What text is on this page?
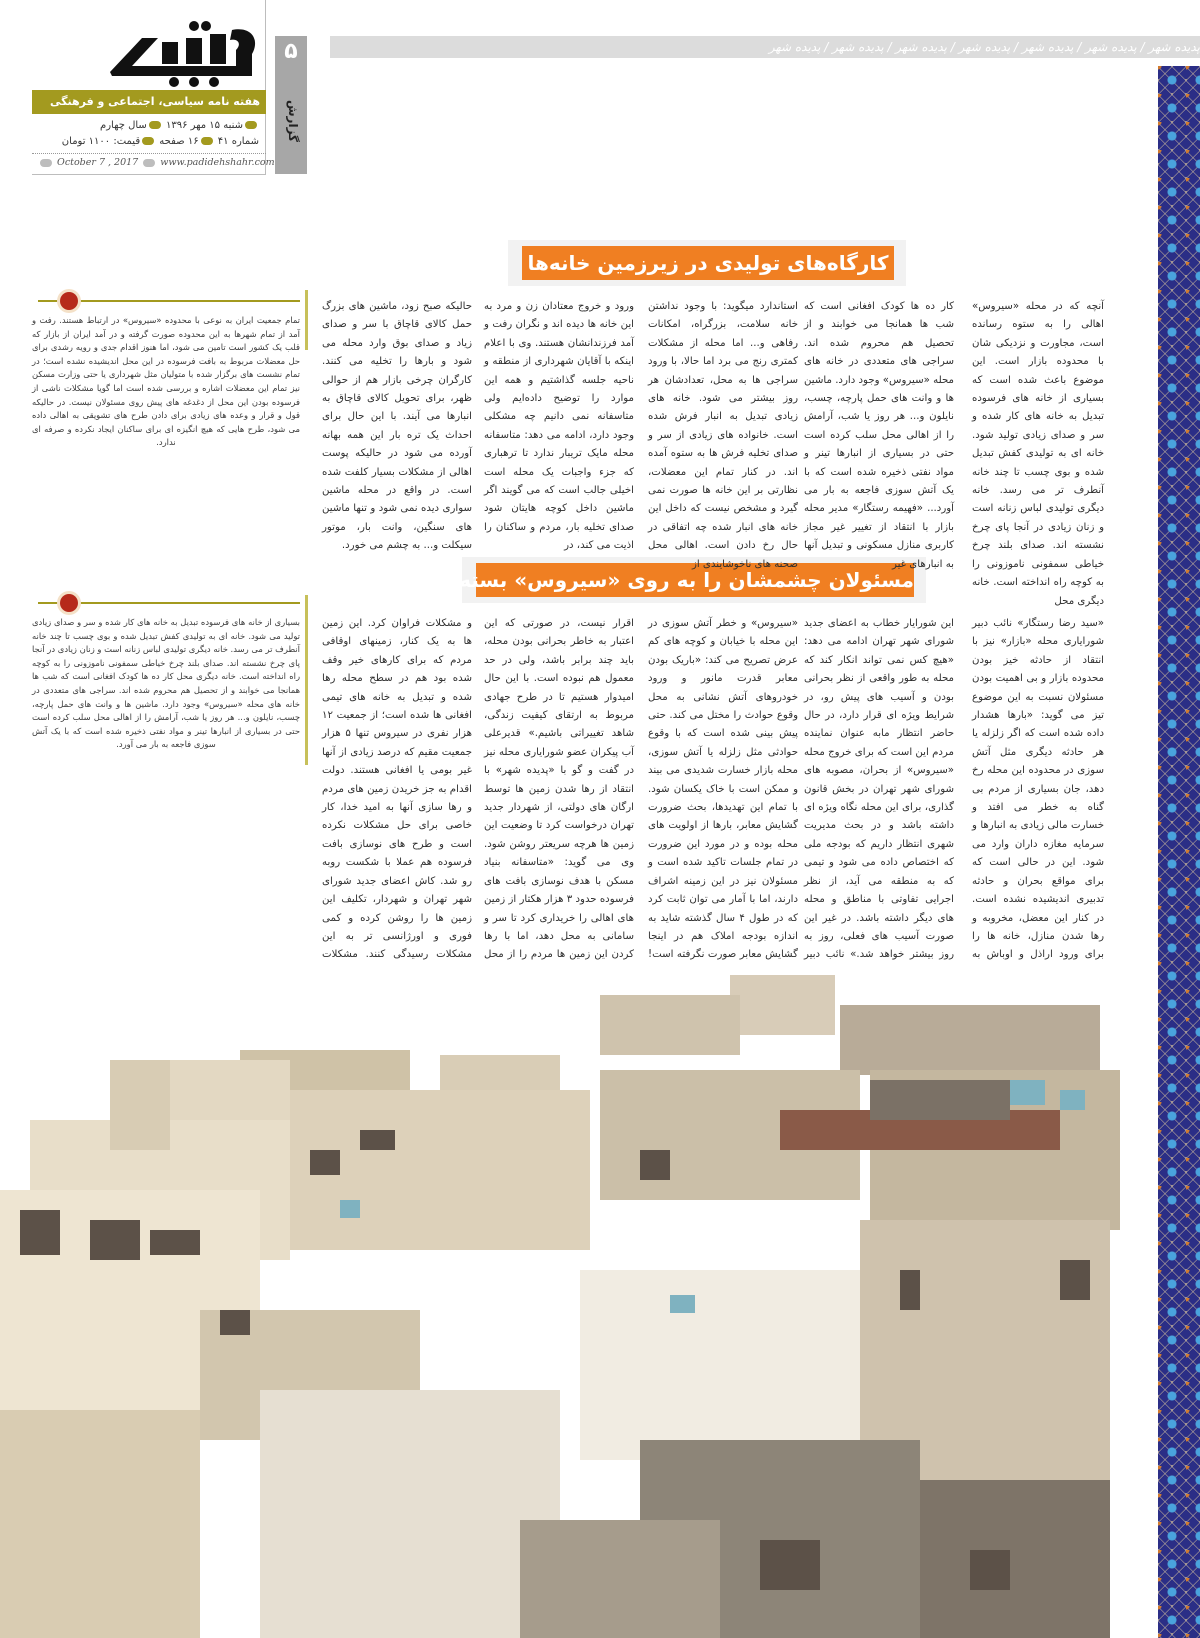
هفته نامه سیاسی، اجتماعی و فرهنگی
شنبه ۱۵ مهر ۱۳۹۶ سال چهارم
شماره ۴۱ ۱۶ صفحه قیمت: ۱۱۰۰ تومان
October 7 , 2017 www.padidehshahr.com
۵
گزارش
پدیده شهر / پدیده شهر / پدیده شهر / پدیده شهر / پدیده شهر / پدیده شهر / پدیده شهر
کارگاه‌های تولیدی در زیرزمین خانه‌ها
مسئولان چشمشان را به روی «سیروس» بسته‌اند!

آنچه که در محله «سیروس» اهالی را به ستوه رسانده است، مجاورت و نزدیکی شان با محدوده بازار است. این موضوع باعث شده است که بسیاری از خانه های فرسوده تبدیل به خانه های کار شده و سر و صدای زیادی تولید شود. خانه ای به تولیدی کفش تبدیل شده و بوی چسب تا چند خانه آنطرف تر می رسد. خانه دیگری تولیدی لباس زنانه است و زنان زیادی در آنجا پای چرخ نشسته اند. صدای بلند چرخ خیاطی سمفونی ناموزونی را به کوچه راه انداخته است. خانه دیگری محل

کار ده ها کودک افغانی است که شب ها همانجا می خوابند و از تحصیل هم محروم شده اند. سراجی های متعددی در خانه های محله «سیروس» وجود دارد. ماشین ها و وانت های حمل پارچه، چسب، نایلون و... هر روز یا شب، آرامش را از اهالی محل سلب کرده است حتی در بسیاری از انبارها تینر و مواد نفتی ذخیره شده است که با یک آتش سوزی فاجعه به بار می آورد... «فهیمه رستگار» مدیر محله بازار با انتقاد از تغییر غیر مجاز کاربری منازل مسکونی و تبدیل آنها به انبارهای غیر

استاندارد میگوید: با وجود نداشتن خانه سلامت، بزرگراه، امکانات رفاهی و... اما محله از مشکلات کمتری رنج می برد اما حالا، با ورود سراجی ها به محل، تعدادشان هر روز بیشتر می شود. خانه های زیادی تبدیل به انبار فرش شده است. خانواده های زیادی از سر و صدای تخلیه فرش ها به ستوه آمده اند. در کنار تمام این معضلات، نظارتی بر این خانه ها صورت نمی گیرد و مشخص نیست که داخل این خانه های انبار شده چه اتفاقی در حال رخ دادن است. اهالی محل صحنه های ناخوشایندی از

ورود و خروج معتادان زن و مرد به این خانه ها دیده اند و نگران رفت و آمد فرزندانشان هستند. وی با اعلام اینکه با آقایان شهرداری از منطقه و ناحیه جلسه گذاشتیم و همه این موارد را توضیح داده‌ایم ولی متاسفانه نمی دانیم چه مشکلی وجود دارد، ادامه می دهد: متاسفانه محله مایک تریبار ندارد تا ترهباری که جزء واجبات یک محله است اخیلی جالب است که می گویند اگر ماشین داخل کوچه هایتان شود صدای تخلیه بار، مردم و ساکنان را اذیت می کند، در

حالیکه صبح زود، ماشین های بزرگ حمل کالای قاچاق با سر و صدای زیاد و صدای بوق وارد محله می شود و بارها را تخلیه می کنند. کارگران چرخی بازار هم از حوالی ظهر، برای تحویل کالای قاچاق به انبارها می آیند. با این حال برای احداث یک تره بار این همه بهانه آورده می شود در حالیکه پوست اهالی از مشکلات بسیار کلفت شده است. در واقع در محله ماشین سواری دیده نمی شود و تنها ماشین های سنگین، وانت بار، موتور سیکلت و... به چشم می خورد.

«سید رضا رستگار» نائب دبیر شورایاری محله «بازار» نیز با انتقاد از حادثه خیز بودن محدوده بازار و بی اهمیت بودن مسئولان نسبت به این موضوع تیز می گوید: «بارها هشدار داده شده است که اگر زلزله یا هر حادثه دیگری مثل آتش سوزی در محدوده این محله رخ دهد، جان بسیاری از مردم بی گناه به خطر می افتد و خسارت مالی زیادی به انبارها و سرمایه مغازه داران وارد می شود. این در حالی است که برای مواقع بحران و حادثه تدبیری اندیشیده نشده است. در کنار این معضل، مخروبه و رها شدن منازل، خانه ها را برای ورود اراذل و اوباش به

این شورایار خطاب به اعضای جدید شورای شهر تهران ادامه می دهد: «هیچ کس نمی تواند انکار کند که محله به طور واقعی از نظر بحرانی بودن و آسیب های پیش رو، در شرایط ویژه ای قرار دارد، در حال حاضر انتظار مابه عنوان نماینده مردم این است که برای خروج محله «سیروس» از بحران، مصوبه های شورای شهر تهران در بخش قانون گذاری، برای این محله نگاه ویژه ای داشته باشد و در بحث مدیریت شهری انتظار داریم که بودجه ملی که اختصاص داده می شود و تیمی که به منطقه می آید، از نظر اجرایی تفاوتی با مناطق و محله های دیگر داشته باشد. در غیر این صورت آسیب های فعلی، روز به روز بیشتر خواهد شد.» نائب دبیر

«سیروس» و خطر آتش سوزی در این محله با خیابان و کوچه های کم عرض تصریح می کند: «باریک بودن معابر قدرت مانور و ورود خودروهای آتش نشانی به محل وقوع حوادث را مختل می کند. حتی پیش بینی شده است که با وقوع حوادثی مثل زلزله یا آتش سوزی، محله بازار خسارت شدیدی می بیند و ممکن است با خاک یکسان شود. با تمام این تهدیدها، بحث ضرورت گشایش معابر، بارها از اولویت های محله بوده و در مورد این ضرورت در تمام جلسات تاکید شده است و مسئولان نیز در این زمینه اشراف دارند، اما با آمار می توان ثابت کرد که در طول ۴ سال گذشته شاید به اندازه بودجه املاک هم در اینجا گشایش معابر صورت نگرفته است!

اقرار نیست، در صورتی که این اعتبار به خاطر بحرانی بودن محله، باید چند برابر باشد، ولی در حد معمول هم نبوده است. با این حال امیدوار هستیم تا در طرح جهادی مربوط به ارتقای کیفیت زندگی، شاهد تغییراتی باشیم.» قدیرعلی آب پیکران عضو شورایاری محله نیز در گفت و گو با «پدیده شهر» با انتقاد از رها شدن زمین ها توسط ارگان های دولتی، از شهردار جدید تهران درخواست کرد تا وضعیت این زمین ها هرچه سریعتر روشن شود. وی می گوید: «متاسفانه بنیاد مسکن با هدف نوسازی بافت های فرسوده حدود ۳ هزار هکتار از زمین های اهالی را خریداری کرد تا سر و سامانی به محل دهد، اما با رها کردن این زمین ها مردم را از محل

و مشکلات فراوان کرد. این زمین ها به یک کنار، زمینهای اوقافی مردم که برای کارهای خیر وقف شده بود هم در سطح محله رها شده و تبدیل به خانه های تیمی افغانی ها شده است؛ از جمعیت ۱۲ هزار نفری در سیروس تنها ۵ هزار جمعیت مقیم که درصد زیادی از آنها غیر بومی یا افغانی هستند. دولت اقدام به جز خریدن زمین های مردم و رها سازی آنها به امید خدا، کار خاصی برای حل مشکلات نکرده است و طرح های نوسازی بافت فرسوده هم عملا با شکست روبه رو شد. کاش اعضای جدید شورای شهر تهران و شهردار، تکلیف این زمین ها را روشن کرده و کمی فوری و اورژانسی تر به این مشکلات رسیدگی کنند. مشکلات

تمام جمعیت ایران به نوعی با محدوده «سیروس» در ارتباط هستند. رفت و آمد از تمام شهرها به این محدوده صورت گرفته و در آمد ایران از بازار که قلب یک کشور است تامین می شود، اما هنوز اقدام جدی و رویه رشدی برای حل معضلات مربوط به بافت فرسوده در این محل اندیشیده نشده است؛ در تمام نشست های برگزار شده با متولیان مثل شهرداری یا حتی وزارت مسکن نیز تمام این معضلات اشاره و بررسی شده است اما گویا مشکلات ناشی از فرسوده بودن این محل از دغدغه های پیش روی مسئولان نیست. در حالیکه قول و قرار و وعده های زیادی برای دادن طرح های تشویقی به اهالی داده می شود، طرح هایی که هیچ انگیزه ای برای ساکنان ایجاد نکرده و صرفه ای ندارد.
بسیاری از خانه های فرسوده تبدیل به خانه های کار شده و سر و صدای زیادی تولید می شود. خانه ای به تولیدی کفش تبدیل شده و بوی چسب تا چند خانه آنطرف تر می رسد. خانه دیگری تولیدی لباس زنانه است و زنان زیادی در آنجا پای چرخ نشسته اند. صدای بلند چرخ خیاطی سمفونی ناموزونی را به کوچه راه انداخته است. خانه دیگری محل کار ده ها کودک افغانی است که شب ها همانجا می خوابند و از تحصیل هم محروم شده اند. سراجی های متعددی در خانه های محله «سیروس» وجود دارد. ماشین ها و وانت های حمل پارچه، چسب، نایلون و... هر روز یا شب، آرامش را از اهالی محل سلب کرده است حتی در بسیاری از انبارها تینر و مواد نفتی ذخیره شده است که با یک آتش سوزی فاجعه به بار می آورد.
